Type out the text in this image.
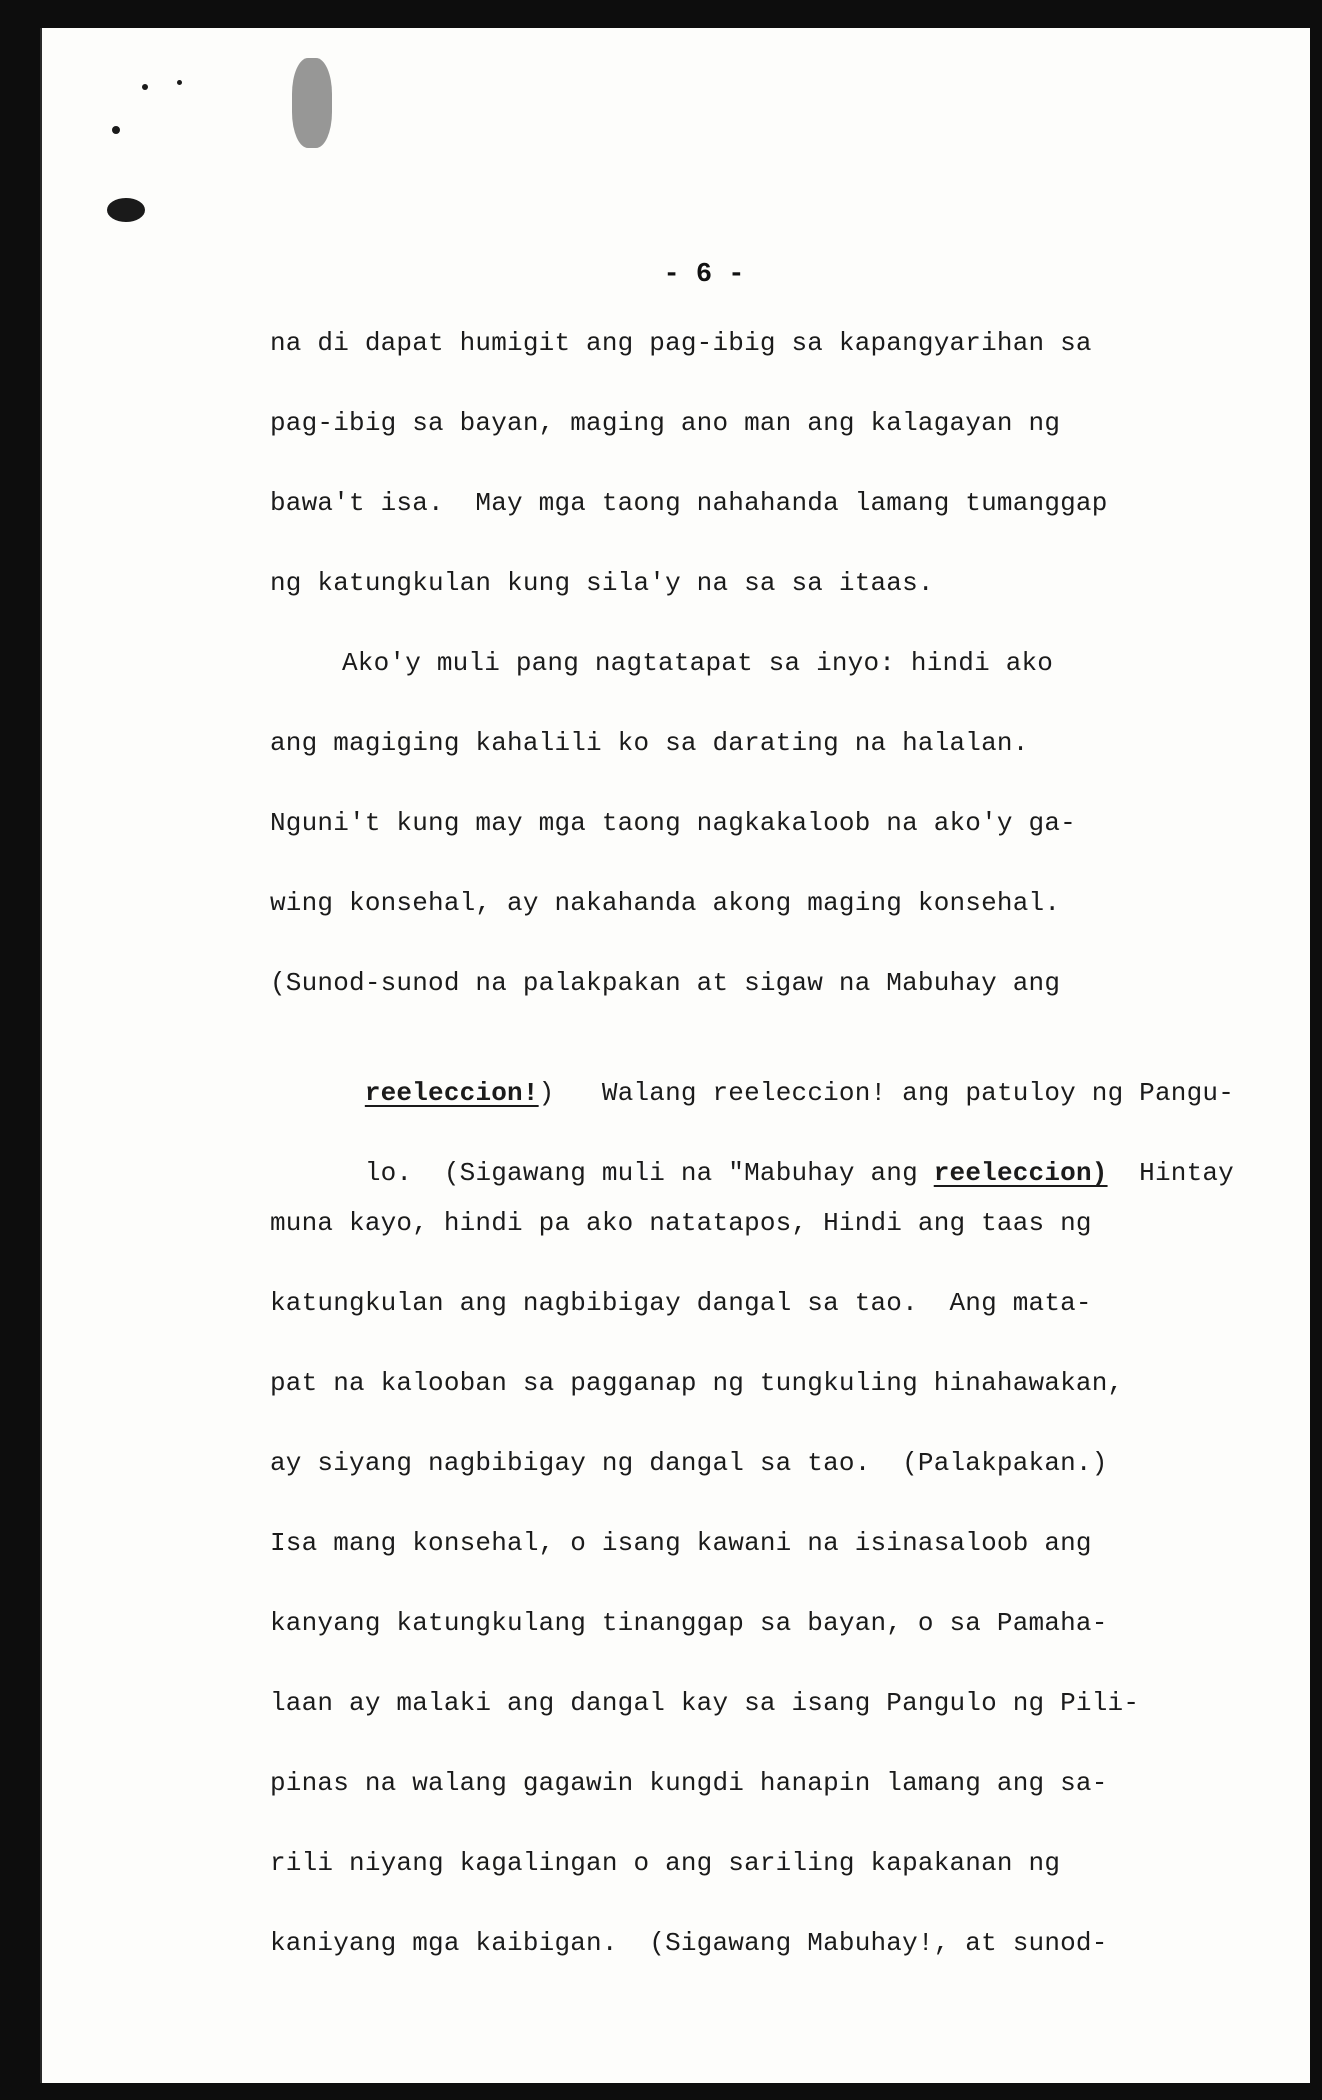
- 6 -
na di dapat humigit ang pag-ibig sa kapangyarihan sa
pag-ibig sa bayan, maging ano man ang kalagayan ng
bawa't isa.  May mga taong nahahanda lamang tumanggap
ng katungkulan kung sila'y na sa sa itaas.
Ako'y muli pang nagtatapat sa inyo: hindi ako
ang magiging kahalili ko sa darating na halalan.
Nguni't kung may mga taong nagkakaloob na ako'y ga-
wing konsehal, ay nakahanda akong maging konsehal.
(Sunod-sunod na palakpakan at sigaw na Mabuhay ang

reeleccion!) Walang reeleccion! ang patuloy ng Pangu-

lo.  (Sigawang muli na "Mabuhay ang reeleccion) Hintay

muna kayo, hindi pa ako natatapos, Hindi ang taas ng
katungkulan ang nagbibigay dangal sa tao.  Ang mata-
pat na kalooban sa pagganap ng tungkuling hinahawakan,
ay siyang nagbibigay ng dangal sa tao.  (Palakpakan.)
Isa mang konsehal, o isang kawani na isinasaloob ang
kanyang katungkulang tinanggap sa bayan, o sa Pamaha-
laan ay malaki ang dangal kay sa isang Pangulo ng Pili-
pinas na walang gagawin kungdi hanapin lamang ang sa-
rili niyang kagalingan o ang sariling kapakanan ng
kaniyang mga kaibigan.  (Sigawang Mabuhay!, at sunod-
